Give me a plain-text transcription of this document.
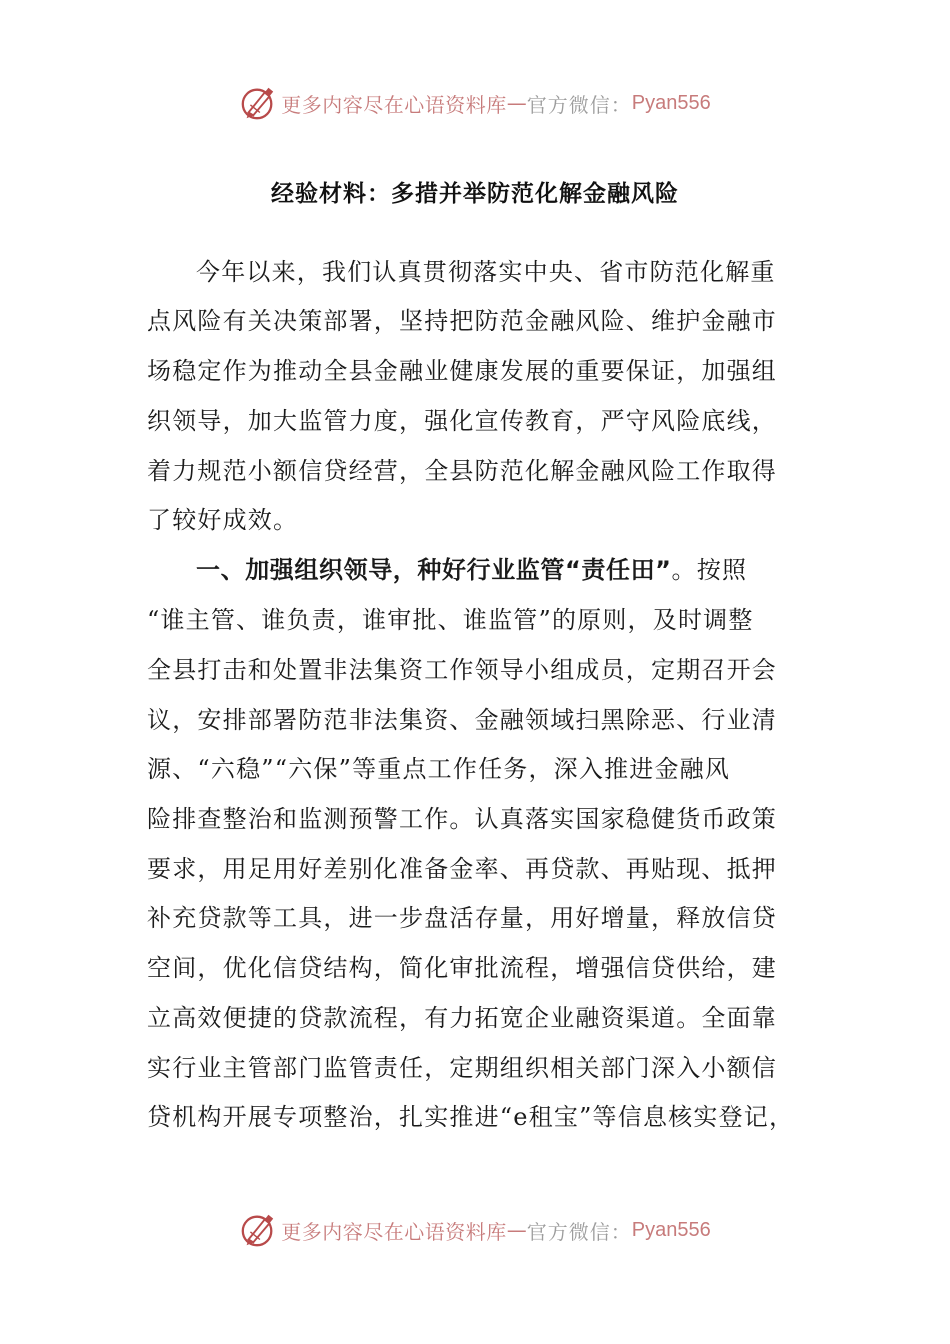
更多内容尽在心语资料库 — 官方微信： Pyan556
经验材料：多措并举防范化解金融风险
今年以来，我们认真贯彻落实中央、省市防范化解重
点风险有关决策部署，坚持把防范金融风险、维护金融市
场稳定作为推动全县金融业健康发展的重要保证，加强组
织领导，加大监管力度，强化宣传教育，严守风险底线，
着力规范小额信贷经营，全县防范化解金融风险工作取得
了较好成效。
一、加强组织领导，种好行业监管“责任田”。按照
“谁主管、谁负责，谁审批、谁监管”的原则，及时调整
全县打击和处置非法集资工作领导小组成员，定期召开会
议，安排部署防范非法集资、金融领域扫黑除恶、行业清
源、“六稳”“六保”等重点工作任务，深入推进金融风
险排查整治和监测预警工作。认真落实国家稳健货币政策
要求，用足用好差别化准备金率、再贷款、再贴现、抵押
补充贷款等工具，进一步盘活存量，用好增量，释放信贷
空间，优化信贷结构，简化审批流程，增强信贷供给，建
立高效便捷的贷款流程，有力拓宽企业融资渠道。全面靠
实行业主管部门监管责任，定期组织相关部门深入小额信
贷机构开展专项整治，扎实推进“e租宝”等信息核实登记，
更多内容尽在心语资料库 — 官方微信： Pyan556
